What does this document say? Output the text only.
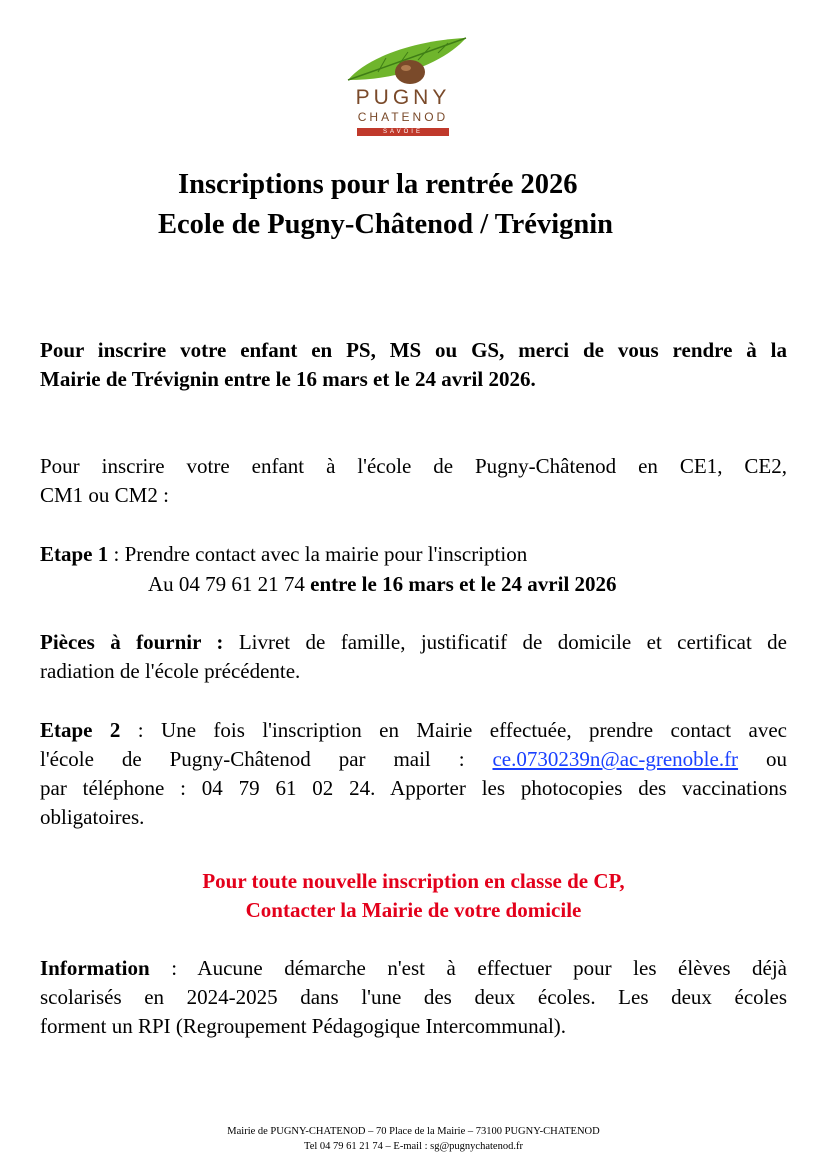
PUGNY
CHATENOD
SAVOIE
Inscriptions pour la rentrée 2026
Ecole de Pugny-Châtenod / Trévignin
Pour inscrire votre enfant en PS, MS ou GS, merci de vous rendre à la
Mairie de Trévignin entre le 16 mars et le 24 avril 2026.
Pour inscrire votre enfant à l'école de Pugny-Châtenod en CE1, CE2,
CM1 ou CM2 :
Etape 1 : Prendre contact avec la mairie pour l'inscription
Au 04 79 61 21 74 entre le 16 mars et le 24 avril 2026
Pièces à fournir : Livret de famille, justificatif de domicile et certificat de
radiation de l'école précédente.
Etape 2 : Une fois l'inscription en Mairie effectuée, prendre contact avec
l'école de Pugny-Châtenod par mail : ce.0730239n@ac-grenoble.fr ou
par téléphone : 04 79 61 02 24. Apporter les photocopies des vaccinations
obligatoires.
Pour toute nouvelle inscription en classe de CP,
Contacter la Mairie de votre domicile
Information : Aucune démarche n'est à effectuer pour les élèves déjà
scolarisés en 2024-2025 dans l'une des deux écoles. Les deux écoles
forment un RPI (Regroupement Pédagogique Intercommunal).
Mairie de PUGNY-CHATENOD – 70 Place de la Mairie – 73100 PUGNY-CHATENOD
Tel 04 79 61 21 74 – E-mail : sg@pugnychatenod.fr
